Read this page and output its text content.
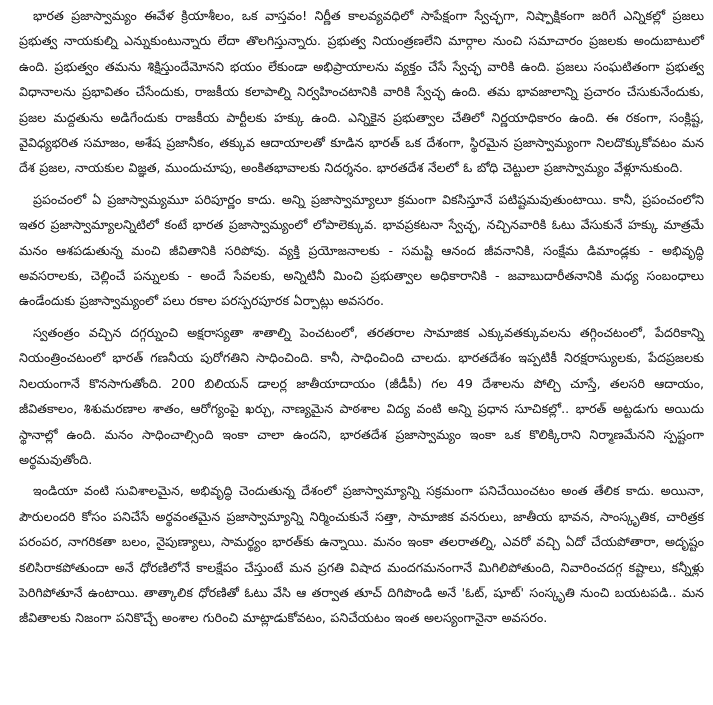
భారత ప్రజాస్వామ్యం ఈవేళ క్రియాశీలం, ఒక వాస్తవం! నిర్ణీత కాలవ్యవధిలో సాపేక్షంగా స్వేచ్ఛగా, నిష్పాక్షికంగా జరిగే ఎన్నికల్లో ప్రజలు ప్రభుత్వ నాయకుల్ని ఎన్నుకుంటున్నారు లేదా తొలగిస్తున్నారు. ప్రభుత్వ నియంత్రణలేని మార్గాల నుంచి సమాచారం ప్రజలకు అందుబాటులో ఉంది. ప్రభుత్వం తమను శిక్షిస్తుందేమోనని భయం లేకుండా అభిప్రాయాలను వ్యక్తం చేసే స్వేచ్ఛ వారికి ఉంది. ప్రజలు సంఘటితంగా ప్రభుత్వ విధానాలను ప్రభావితం చేసేందుకు, రాజకీయ కలాపాల్ని నిర్వహించటానికి వారికి స్వేచ్ఛ ఉంది. తమ భావజాలాన్ని ప్రచారం చేసుకునేందుకు, ప్రజల మద్దతును అడిగేందుకు రాజకీయ పార్టీలకు హక్కు ఉంది. ఎన్నికైన ప్రభుత్వాల చేతిలో నిర్ణయాధికారం ఉంది. ఈ రకంగా, సంక్లిష్ట, వైవిధ్యభరిత సమాజం, అశేష ప్రజానీకం, తక్కువ ఆదాయాలతో కూడిన భారత్ ఒక దేశంగా, స్థిరమైన ప్రజాస్వామ్యంగా నిలదొక్కుకోవటం మన దేశ ప్రజల, నాయకుల విజ్ఞత, ముందుచూపు, అంకితభావాలకు నిదర్శనం. భారతదేశ నేలలో ఓ బోధి చెట్టులా ప్రజాస్వామ్యం వేళ్లూనుకుంది.

ప్రపంచంలో ఏ ప్రజాస్వామ్యమూ పరిపూర్ణం కాదు. అన్ని ప్రజాస్వామ్యాలూ క్రమంగా వికసిస్తూనే పటిష్టమవుతుంటాయి. కానీ, ప్రపంచంలోని ఇతర ప్రజాస్వామ్యాలన్నిటిలో కంటే భారత ప్రజాస్వామ్యంలో లోపాలెక్కువ. భావప్రకటనా స్వేచ్ఛ, నచ్చినవారికి ఓటు వేసుకునే హక్కు మాత్రమే మనం ఆశపడుతున్న మంచి జీవితానికి సరిపోవు. వ్యక్తి ప్రయోజనాలకు - సమష్టి ఆనంద జీవనానికి, సంక్షేమ డిమాండ్లకు - అభివృద్ధి అవసరాలకు, చెల్లించే పన్నులకు - అందే సేవలకు, అన్నిటినీ మించి ప్రభుత్వాల అధికారానికి - జవాబుదారీతనానికి మధ్య సంబంధాలు ఉండేందుకు ప్రజాస్వామ్యంలో పలు రకాల పరస్పరపూరక ఏర్పాట్లు అవసరం.

స్వతంత్రం వచ్చిన దగ్గర్నుంచి అక్షరాస్యతా శాతాల్ని పెంచటంలో, తరతరాల సామాజిక ఎక్కువతక్కువలను తగ్గించటంలో, పేదరికాన్ని నియంత్రించటంలో భారత్ గణనీయ పురోగతిని సాధించింది. కానీ, సాధించింది చాలదు. భారతదేశం ఇప్పటికీ నిరక్షరాస్యులకు, పేదప్రజలకు నిలయంగానే కొనసాగుతోంది. 200 బిలియన్ డాలర్ల జాతీయాదాయం (జీడీపీ) గల 49 దేశాలను పోల్చి చూస్తే, తలసరి ఆదాయం, జీవితకాలం, శిశుమరణాల శాతం, ఆరోగ్యంపై ఖర్చు, నాణ్యమైన పాఠశాల విద్య వంటి అన్ని ప్రధాన సూచికల్లో.. భారత్ అట్టడుగు అయిదు స్థానాల్లో ఉంది. మనం సాధించాల్సింది ఇంకా చాలా ఉందని, భారతదేశ ప్రజాస్వామ్యం ఇంకా ఒక కొలిక్కిరాని నిర్మాణమేనని స్పష్టంగా అర్థమవుతోంది.

ఇండియా వంటి సువిశాలమైన, అభివృద్ధి చెందుతున్న దేశంలో ప్రజాస్వామ్యాన్ని సక్రమంగా పనిచేయించటం అంత తేలిక కాదు. అయినా, పౌరులందరి కోసం పనిచేసే అర్థవంతమైన ప్రజాస్వామ్యాన్ని నిర్మించుకునే సత్తా, సామాజిక వనరులు, జాతీయ భావన, సాంస్కృతిక, చారిత్రక పరంపర, నాగరికతా బలం, నైపుణ్యాలు, సామర్థ్యం భారత్‌కు ఉన్నాయి. మనం ఇంకా తలరాతల్ని, ఎవరో వచ్చి ఏదో చేయపోతారా, అదృష్టం కలిసిరాకపోతుందా అనే ధోరణిలోనే కాలక్షేపం చేస్తుంటే మన ప్రగతి విషాద మందగమనంగానే మిగిలిపోతుంది, నివారించదగ్గ కష్టాలు, కన్నీళ్లు పెరిగిపోతూనే ఉంటాయి. తాత్కాలిక ధోరణితో ఓటు వేసి ఆ తర్వాత తూచ్ దిగిపొండి అనే 'ఓట్, షూట్' సంస్కృతి నుంచి బయటపడి.. మన జీవితాలకు నిజంగా పనికొచ్చే అంశాల గురించి మాట్లాడుకోవటం, పనిచేయటం ఇంత అలస్యంగానైనా అవసరం.
